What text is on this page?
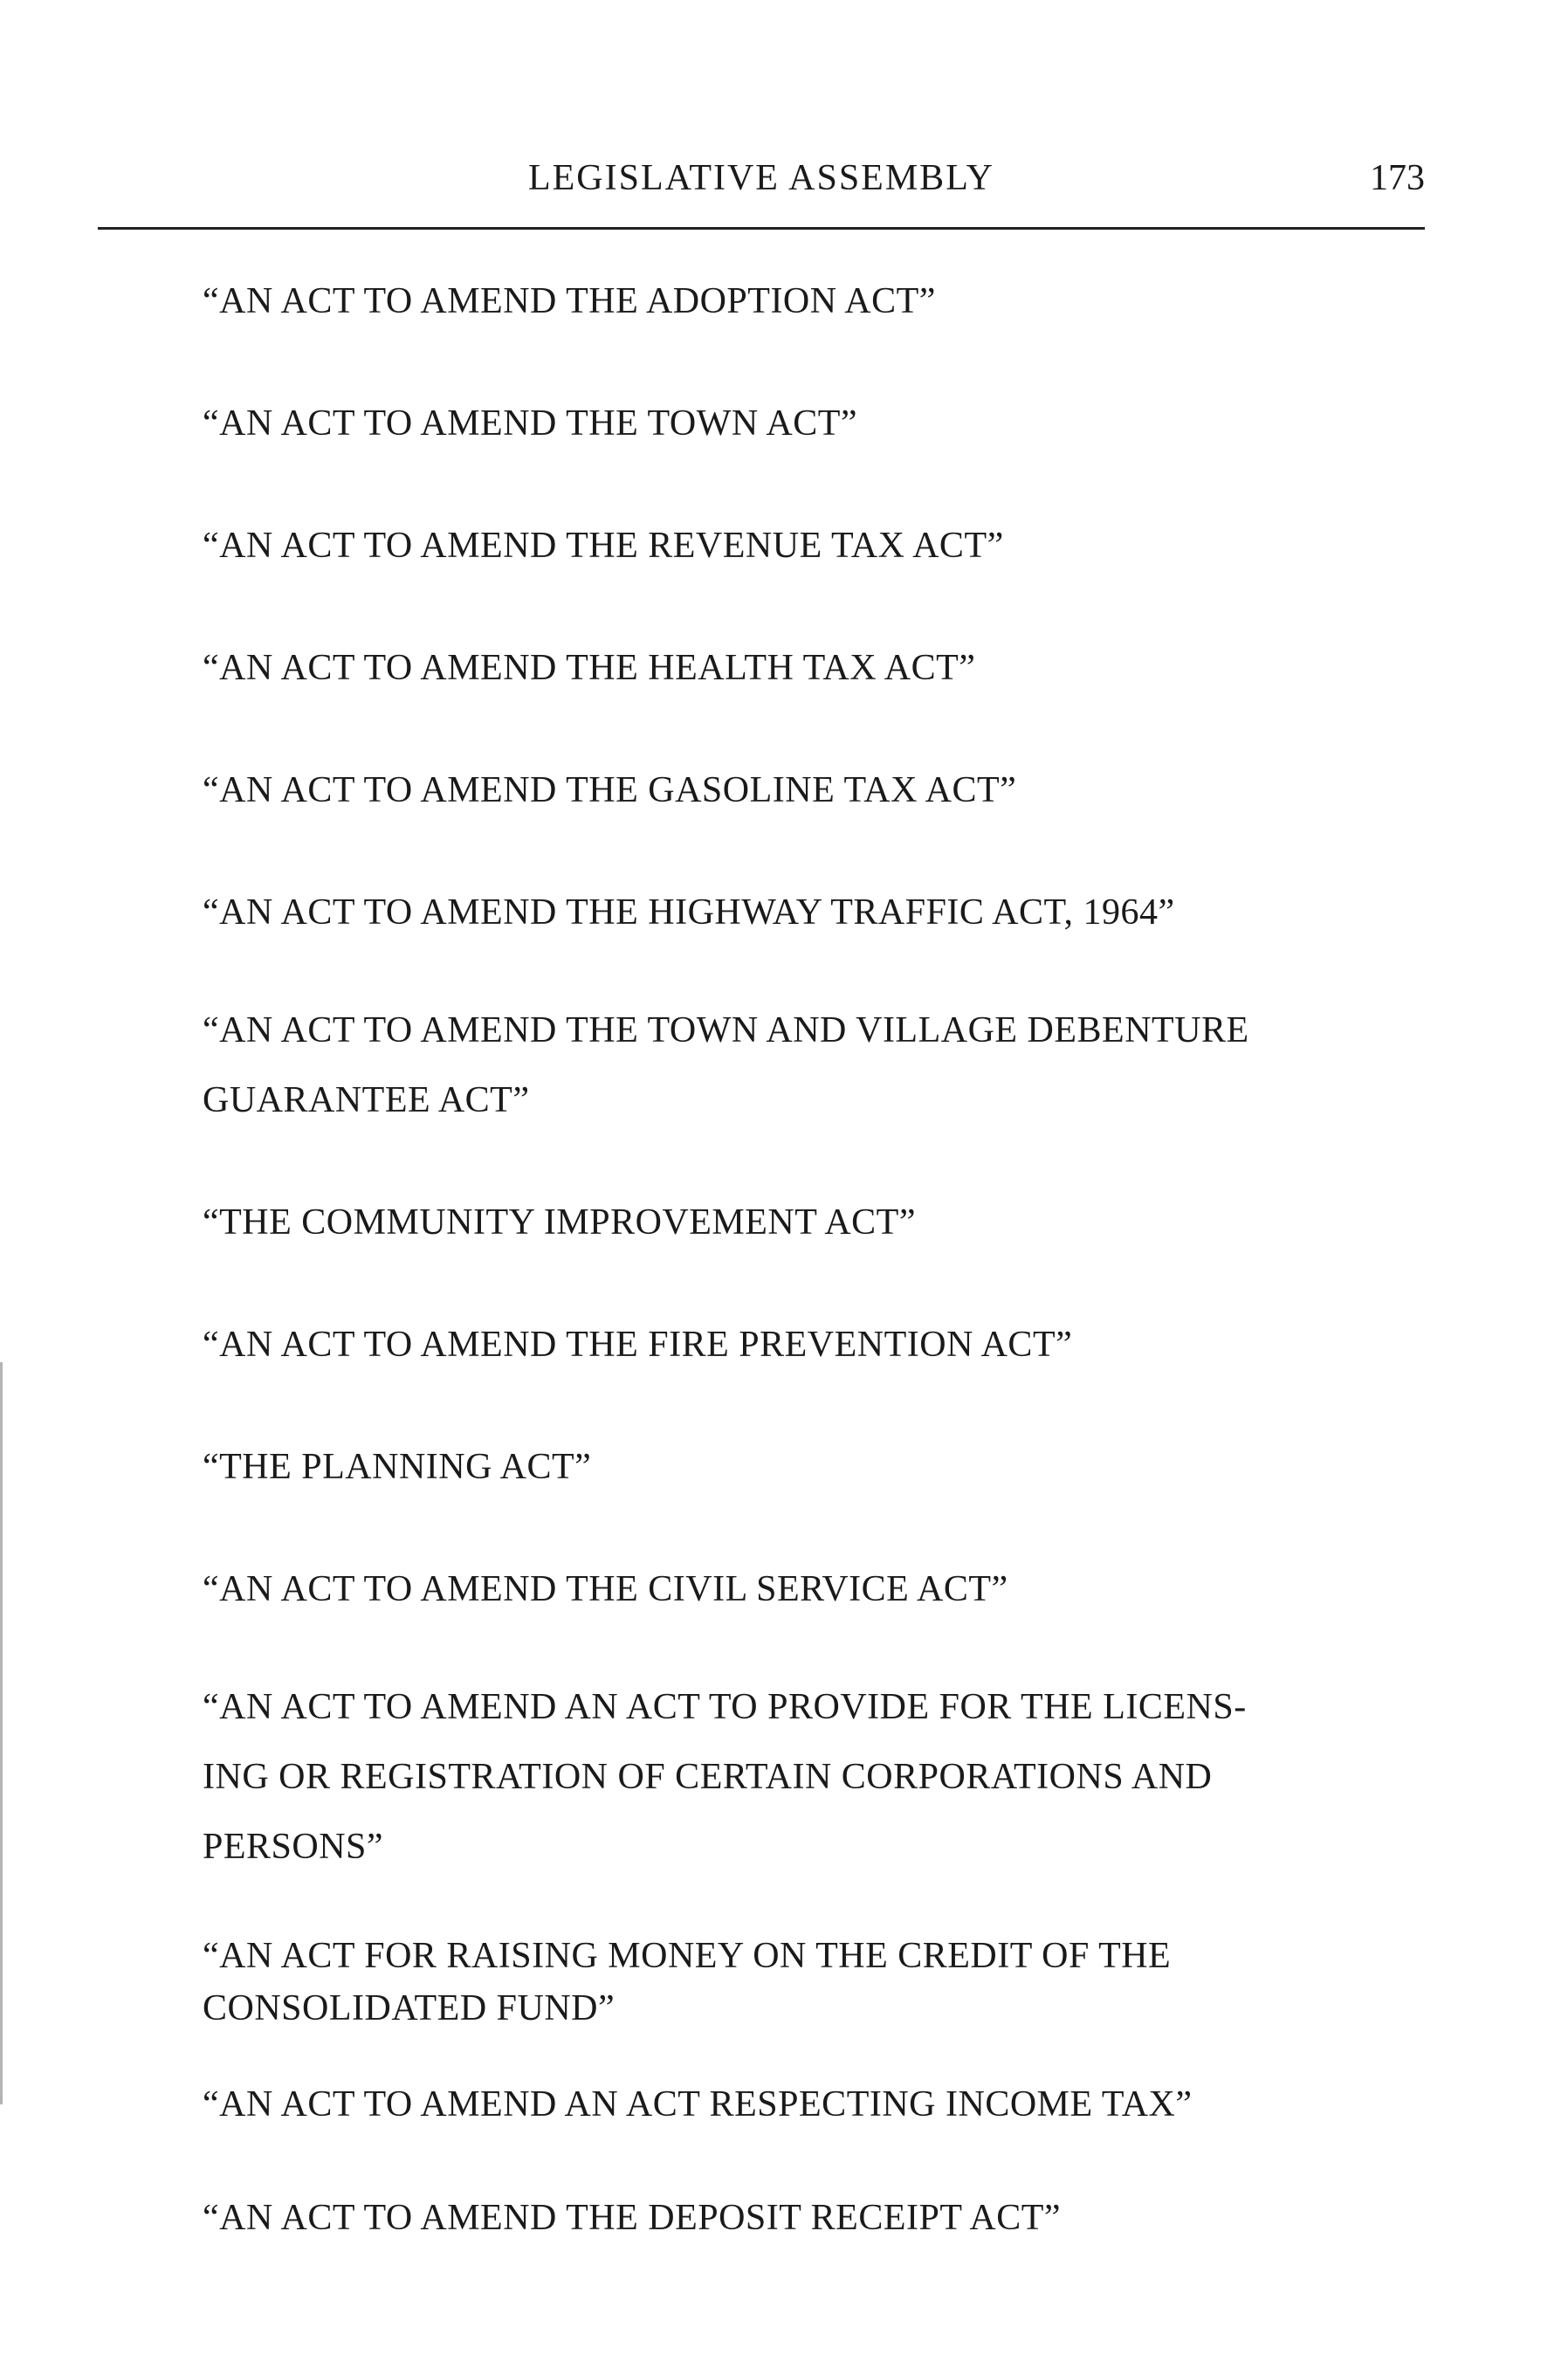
LEGISLATIVE ASSEMBLY	173
“AN ACT TO AMEND THE ADOPTION ACT”
“AN ACT TO AMEND THE TOWN ACT”
“AN ACT TO AMEND THE REVENUE TAX ACT”
“AN ACT TO AMEND THE HEALTH TAX ACT”
“AN ACT TO AMEND THE GASOLINE TAX ACT”
“AN ACT TO AMEND THE HIGHWAY TRAFFIC ACT, 1964”
“AN ACT TO AMEND THE TOWN AND VILLAGE DEBENTURE
GUARANTEE ACT”
“THE COMMUNITY IMPROVEMENT ACT”
“AN ACT TO AMEND THE FIRE PREVENTION ACT”
“THE PLANNING ACT”
“AN ACT TO AMEND THE CIVIL SERVICE ACT”
“AN ACT TO AMEND AN ACT TO PROVIDE FOR THE LICENS-
ING OR REGISTRATION OF CERTAIN CORPORATIONS AND
PERSONS”
“AN ACT FOR RAISING MONEY ON THE CREDIT OF THE
CONSOLIDATED FUND”
“AN ACT TO AMEND AN ACT RESPECTING INCOME TAX”
“AN ACT TO AMEND THE DEPOSIT RECEIPT ACT”
